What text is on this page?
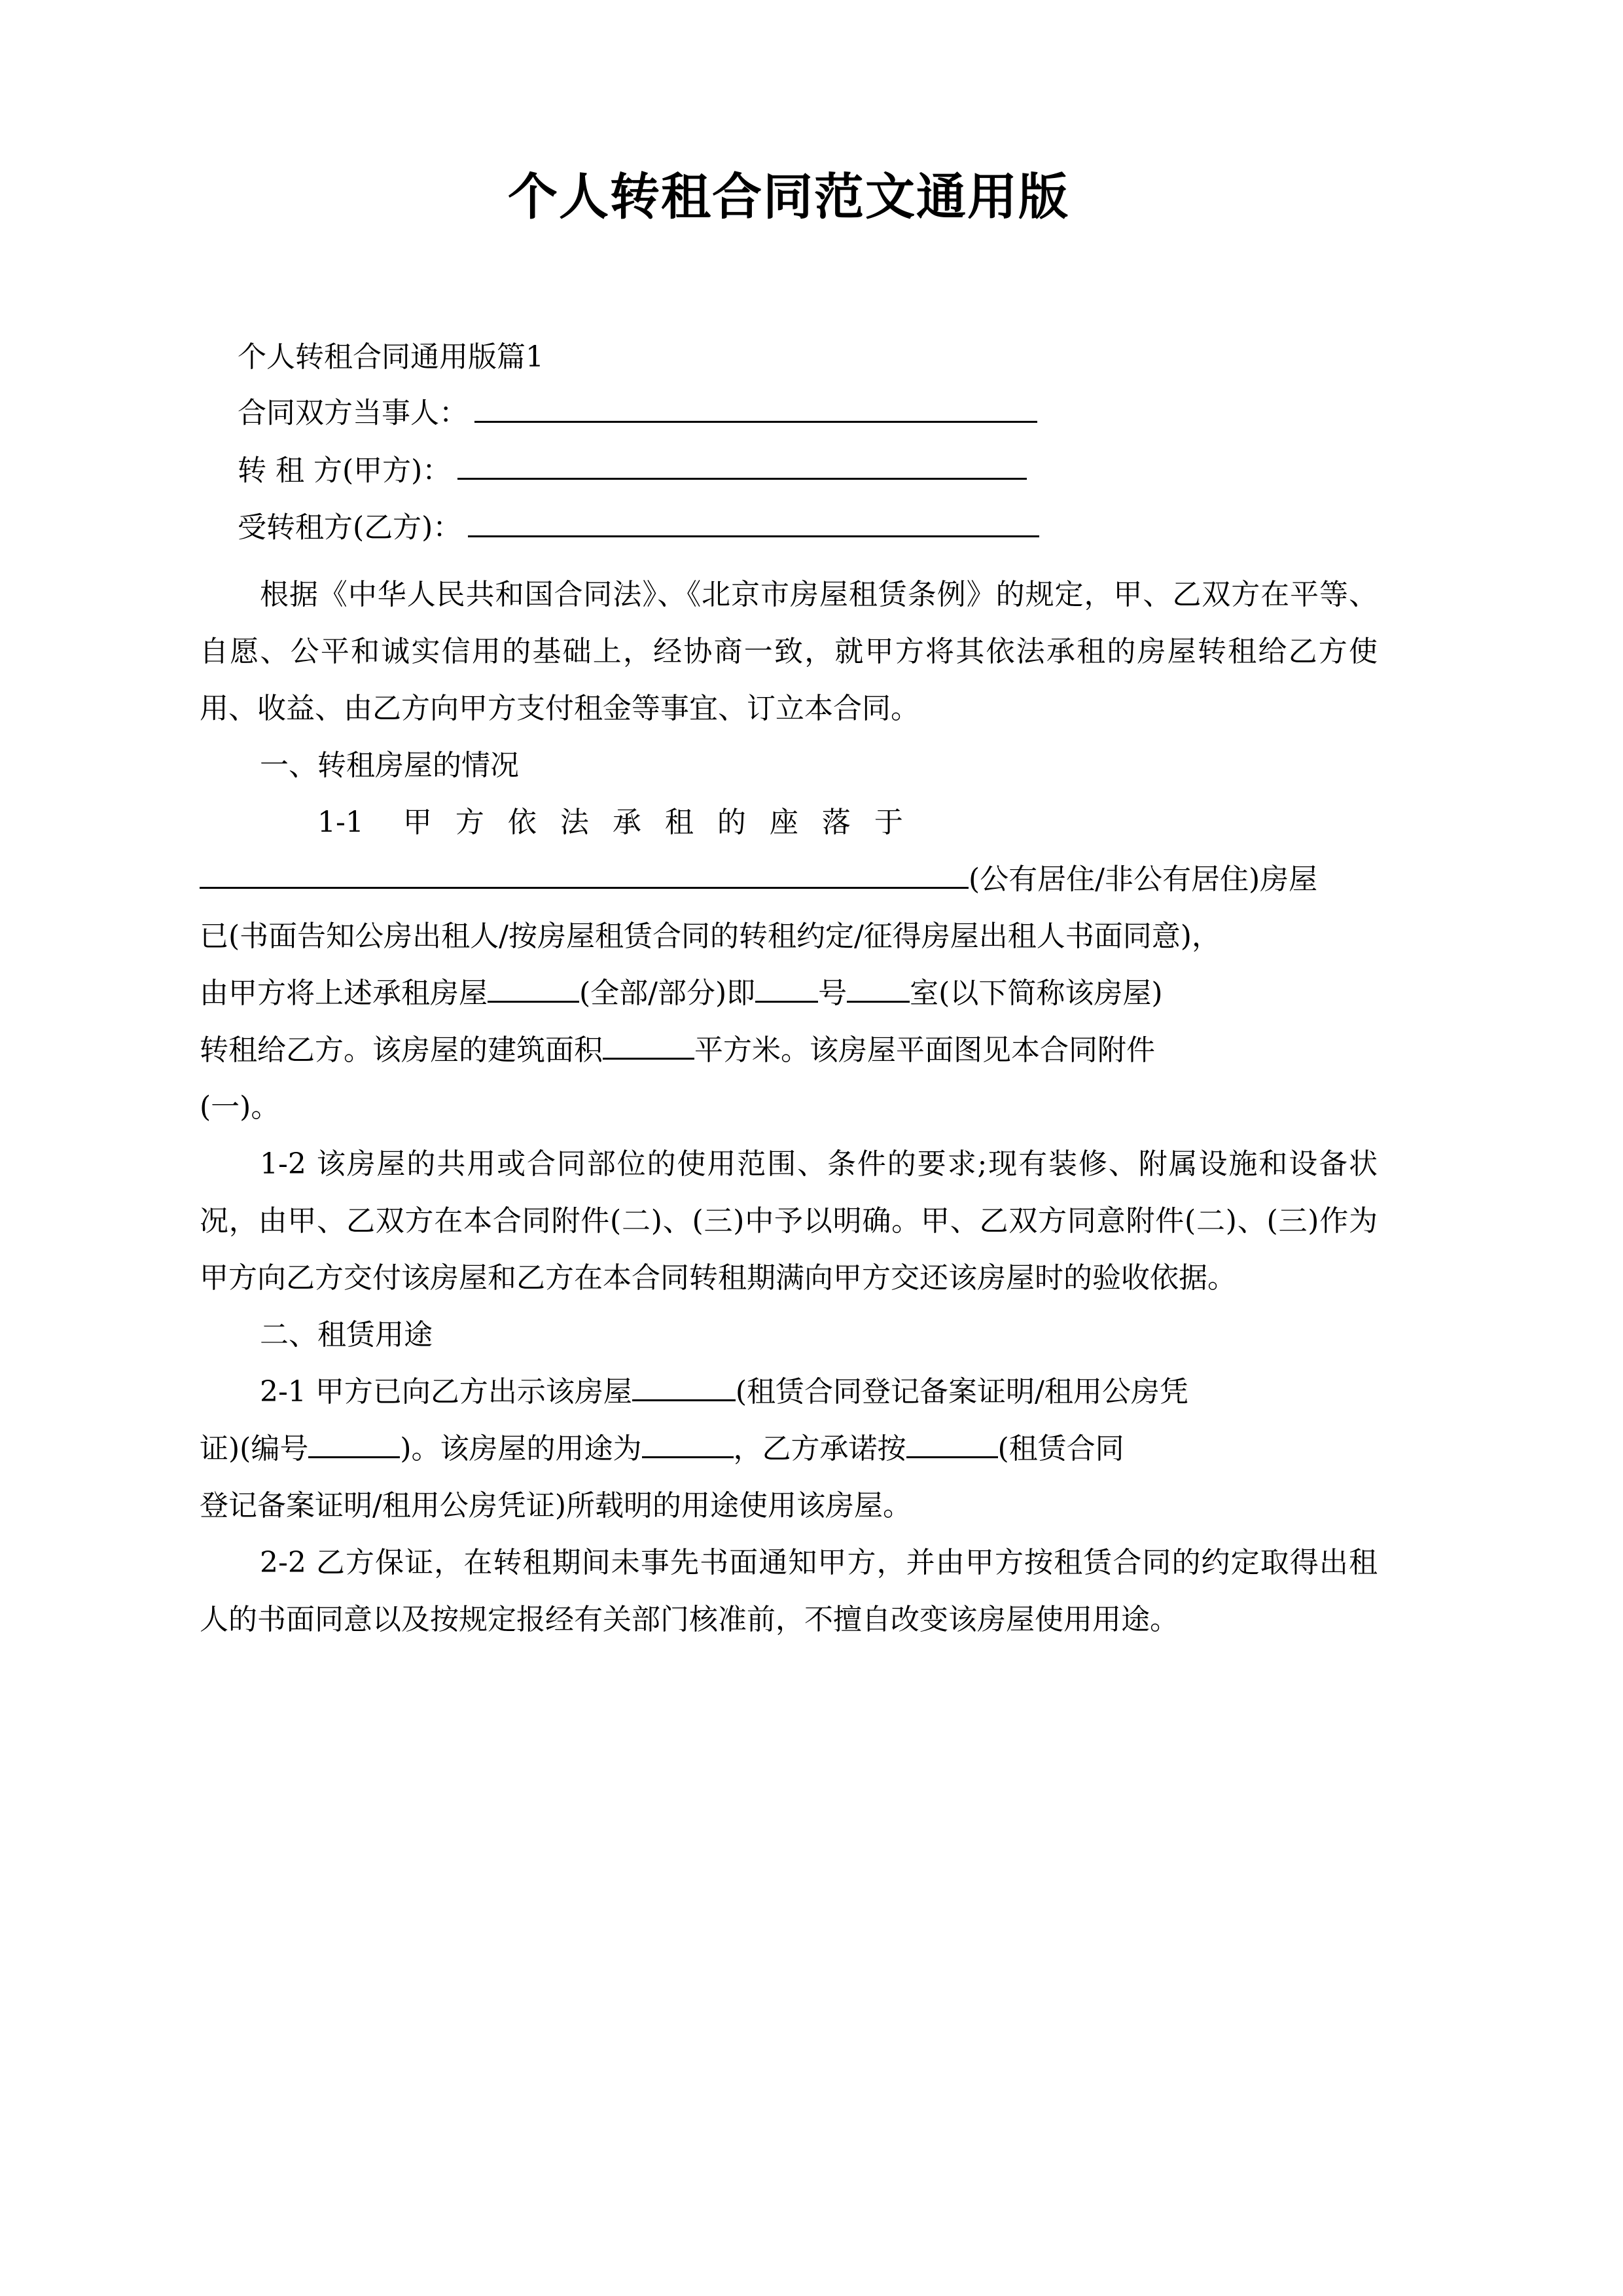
个人转租合同范文通用版
个人转租合同通用版篇1
合同双方当事人：
转 租 方(甲方)：
受转租方(乙方)：

根据《中华人民共和国合同法》、《北京市房屋租赁条例》的规定，甲、乙双方在平等、自愿、公平和诚实信用的基础上，经协商一致，就甲方将其依法承租的房屋转租给乙方使用、收益、由乙方向甲方支付租金等事宜、订立本合同。

一、转租房屋的情况
1-1 甲 方 依 法 承 租 的 座 落 于
(公有居住/非公有居住)房屋

已(书面告知公房出租人/按房屋租赁合同的转租约定/征得房屋出租人书面同意)，

由甲方将上述承租房屋	(全部/部分)即 号 室(以下简称该房屋)
转租给乙方。该房屋的建筑面积	平方米。该房屋平面图见本合同附件

(一)。

1-2 该房屋的共用或合同部位的使用范围、条件的要求;现有装修、附属设施和设备状况，由甲、乙双方在本合同附件(二)、(三)中予以明确。甲、乙双方同意附件(二)、(三)作为甲方向乙方交付该房屋和乙方在本合同转租期满向甲方交还该房屋时的验收依据。

二、租赁用途
2-1 甲方已向乙方出示该房屋	(租赁合同登记备案证明/租用公房凭
证)(编号	)。该房屋的用途为	，乙方承诺按	(租赁合同

登记备案证明/租用公房凭证)所载明的用途使用该房屋。

2-2 乙方保证，在转租期间未事先书面通知甲方，并由甲方按租赁合同的约定取得出租人的书面同意以及按规定报经有关部门核准前，不擅自改变该房屋使用用途。
